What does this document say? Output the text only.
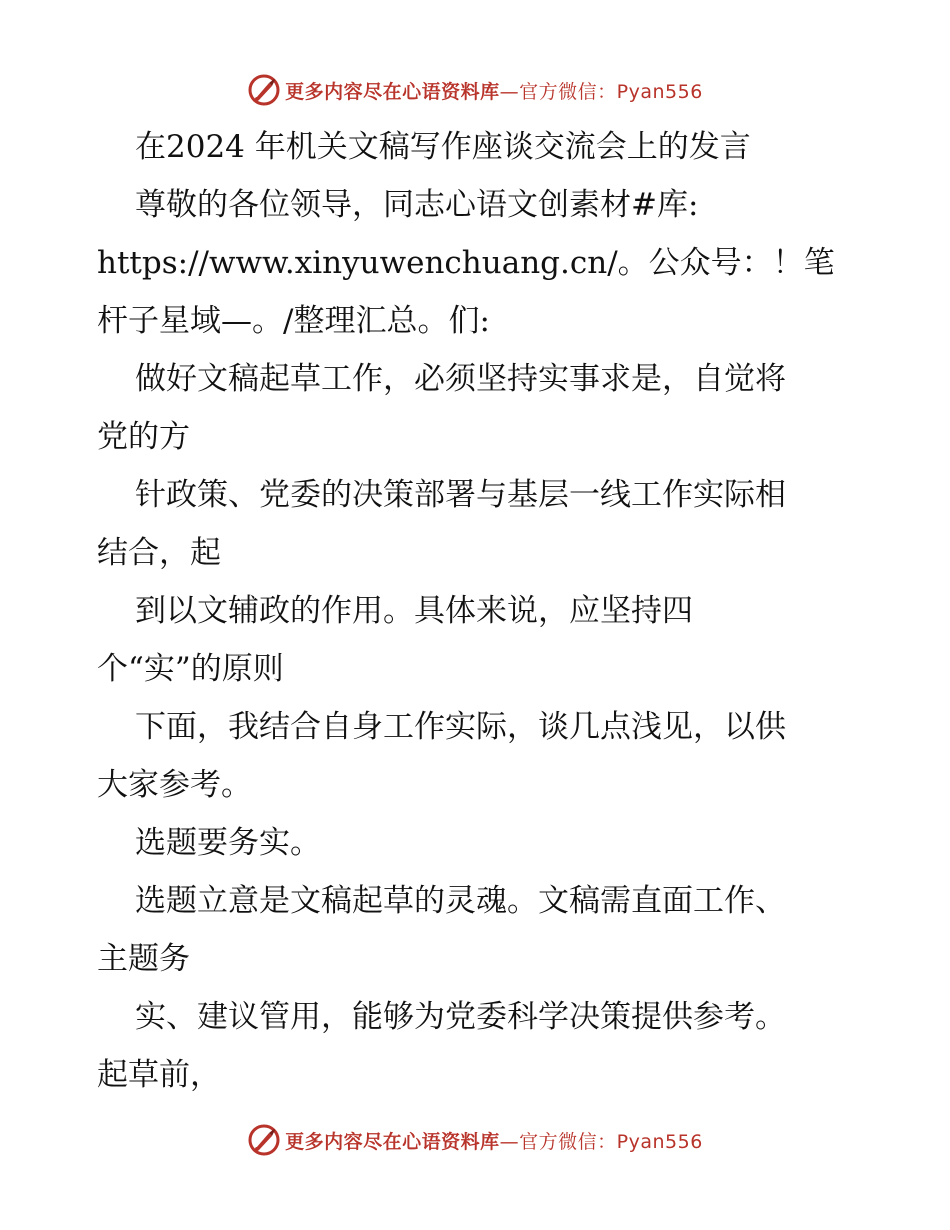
更多内容尽在心语资料库—官方微信：Pyan556
在2024 年机关文稿写作座谈交流会上的发言
尊敬的各位领导，同志心语文创素材#库:
https://www.xinyuwenchuang.cn/。公众号：！笔
杆子星域—。/整理汇总。们:
做好文稿起草工作，必须坚持实事求是，自觉将
党的方
针政策、党委的决策部署与基层一线工作实际相
结合，起
到以文辅政的作用。具体来说，应坚持四
个“实”的原则
下面，我结合自身工作实际，谈几点浅见，以供
大家参考。
选题要务实。
选题立意是文稿起草的灵魂。文稿需直面工作、
主题务
实、建议管用，能够为党委科学决策提供参考。
起草前，
更多内容尽在心语资料库—官方微信：Pyan556
